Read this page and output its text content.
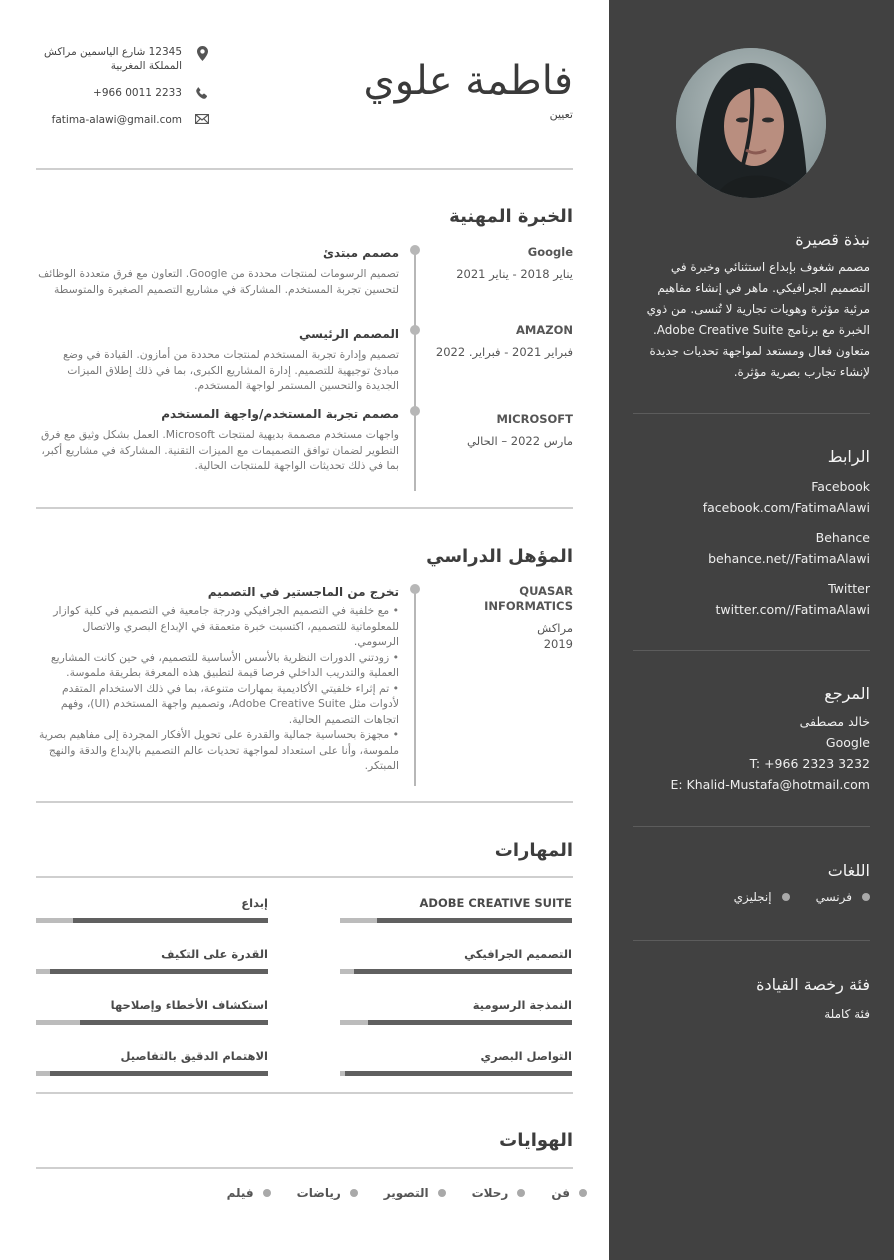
12345 شارع الياسمين مراكش
المملكة المغربية
+966 0011 2233
fatima-alawi@gmail.com
فاطمة علوي
تعيين
الخبرة المهنية
Google
يناير 2018 - يناير 2021
مصمم مبتدئ
تصميم الرسومات لمنتجات محددة من Google. التعاون مع فرق متعددة الوظائف لتحسين تجربة المستخدم. المشاركة في مشاريع التصميم الصغيرة والمتوسطة
AMAZON
فبراير 2021 - فبراير. 2022
المصمم الرئيسي
تصميم وإدارة تجربة المستخدم لمنتجات محددة من أمازون. القيادة في وضع مبادئ توجيهية للتصميم. إدارة المشاريع الكبرى، بما في ذلك إطلاق الميزات الجديدة والتحسين المستمر لواجهة المستخدم.
MICROSOFT
مارس 2022 – الحالي
مصمم تجربة المستخدم/واجهة المستخدم
واجهات مستخدم مصممة بديهية لمنتجات Microsoft. العمل بشكل وثيق مع فرق التطوير لضمان توافق التصميمات مع الميزات التقنية. المشاركة في مشاريع أكبر، بما في ذلك تحديثات الواجهة للمنتجات الحالية.
المؤهل الدراسي
QUASAR
INFORMATICS
مراكش
2019
تخرج من الماجستير في التصميم
• مع خلفية في التصميم الجرافيكي ودرجة جامعية في التصميم في كلية كوازار للمعلوماتية للتصميم، اكتسبت خبرة متعمقة في الإبداع البصري والاتصال الرسومي.
• زودتني الدورات النظرية بالأسس الأساسية للتصميم، في حين كانت المشاريع العملية والتدريب الداخلي فرصا قيمة لتطبيق هذه المعرفة بطريقة ملموسة.
• تم إثراء خلفيتي الأكاديمية بمهارات متنوعة، بما في ذلك الاستخدام المتقدم لأدوات مثل Adobe Creative Suite، وتصميم واجهة المستخدم (UI)، وفهم اتجاهات التصميم الحالية.
• مجهزة بحساسية جمالية والقدرة على تحويل الأفكار المجردة إلى مفاهيم بصرية ملموسة، وأنا على استعداد لمواجهة تحديات عالم التصميم بالإبداع والدقة والنهج المبتكر.
المهارات
ADOBE CREATIVE SUITE
التصميم الجرافيكي
النمذجة الرسومية
التواصل البصري
إبداع
القدرة على التكيف
استكشاف الأخطاء وإصلاحها
الاهتمام الدقيق بالتفاصيل
الهوايات
فن
رحلات
التصوير
رياضات
فيلم
نبذة قصيرة
مصمم شغوف بإبداع استثنائي وخبرة في التصميم الجرافيكي. ماهر في إنشاء مفاهيم مرئية مؤثرة وهويات تجارية لا تُنسى. من ذوي الخبرة مع برنامج Adobe Creative Suite. متعاون فعال ومستعد لمواجهة تحديات جديدة لإنشاء تجارب بصرية مؤثرة.
الرابط
Facebook
facebook.com/FatimaAlawi
Behance
behance.net//FatimaAlawi
Twitter
twitter.com//FatimaAlawi
المرجع
خالد مصطفى
Google
T: +966 2323 3232
E: Khalid-Mustafa@hotmail.com
اللغات
فرنسي
إنجليزي
فئة رخصة القيادة
فئة كاملة
